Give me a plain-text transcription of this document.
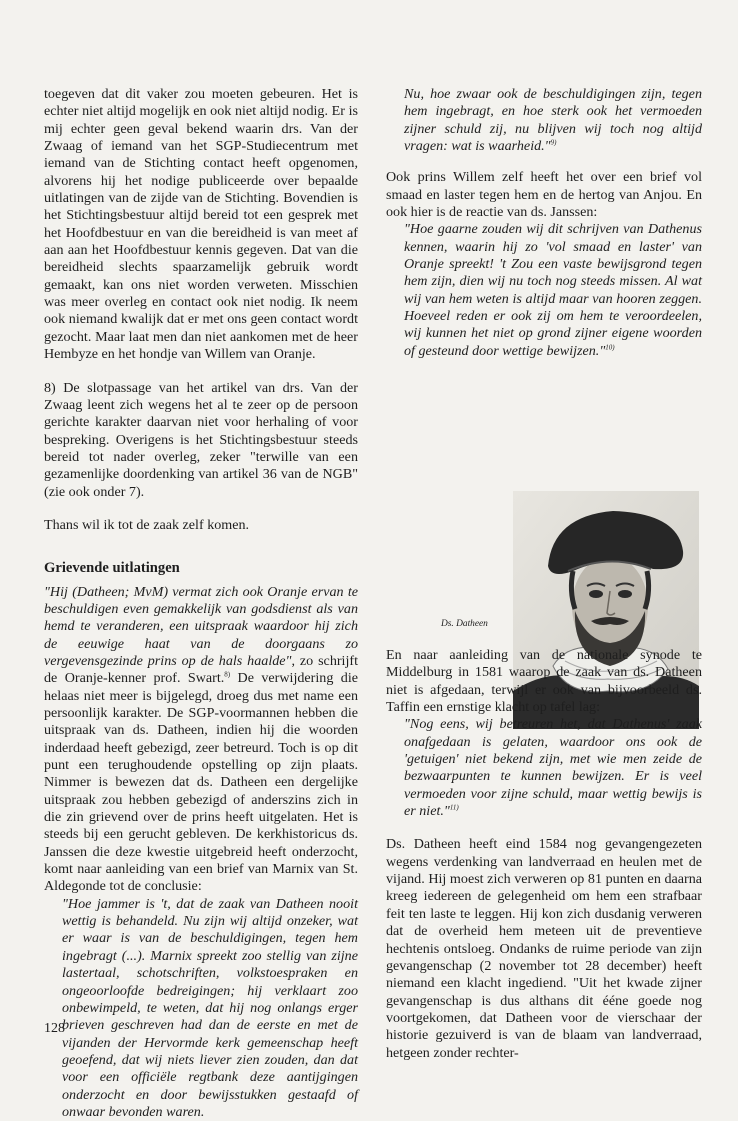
toegeven dat dit vaker zou moeten gebeuren. Het is echter niet altijd mogelijk en ook niet altijd nodig. Er is mij echter geen geval bekend waarin drs. Van der Zwaag of iemand van het SGP-Studiecentrum met iemand van de Stichting contact heeft opgenomen, alvorens hij het nodige publiceerde over bepaalde uitlatingen van de zijde van de Stichting. Bovendien is het Stichtingsbestuur altijd bereid tot een gesprek met het Hoofdbestuur en van die bereidheid is van meet af aan aan het Hoofdbestuur kennis gegeven. Dat van die bereidheid slechts spaarzamelijk gebruik wordt gemaakt, kan ons niet worden verweten. Misschien was meer overleg en contact ook niet nodig. Ik neem ook niemand kwalijk dat er met ons geen contact wordt gezocht. Maar laat men dan niet aankomen met de heer Hembyze en het hondje van Willem van Oranje.

8) De slotpassage van het artikel van drs. Van der Zwaag leent zich wegens het al te zeer op de persoon gerichte karakter daarvan niet voor herhaling of voor bespreking. Overigens is het Stichtingsbestuur steeds bereid tot nader overleg, zeker "terwille van een gezamenlijke doordenking van artikel 36 van de NGB" (zie ook onder 7).

Thans wil ik tot de zaak zelf komen.

Grievende uitlatingen

"Hij (Datheen; MvM) vermat zich ook Oranje ervan te beschuldigen even gemakkelijk van godsdienst als van hemd te veranderen, een uitspraak waardoor hij zich de eeuwige haat van de doorgaans zo vergevensgezinde prins op de hals haalde", zo schrijft de Oranje-kenner prof. Swart.$^{8)}$ De verwijdering die helaas niet meer is bijgelegd, droeg dus met name een persoonlijk karakter. De SGP-voormannen hebben die uitspraak van ds. Datheen, indien hij die woorden inderdaad heeft gebezigd, zeer betreurd. Toch is op dit punt een terughoudende opstelling op zijn plaats. Nimmer is bewezen dat ds. Datheen een dergelijke uitspraak zou hebben gebezigd of anderszins zich in die zin grievend over de prins heeft uitgelaten. Het is steeds bij een gerucht gebleven. De kerkhistoricus ds. Janssen die deze kwestie uitgebreid heeft onderzocht, komt naar aanleiding van een brief van Marnix van St. Aldegonde tot de conclusie:

"Hoe jammer is 't, dat de zaak van Datheen nooit wettig is behandeld. Nu zijn wij altijd onzeker, wat er waar is van de beschuldigingen, tegen hem ingebragt (...). Marnix spreekt zoo stellig van zijne lastertaal, schotschriften, volkstoespraken en ongeoorloofde bedreigingen; hij verklaart zoo onbewimpeld, te weten, dat hij nog onlangs erger brieven geschreven had dan de eerste en met de vijanden der Hervormde kerk gemeenschap heeft geoefend, dat wij niets liever zien zouden, dan dat voor een officiële regtbank deze aantijgingen onderzocht en door bewijsstukken gestaafd of onwaar bevonden waren.

Nu, hoe zwaar ook de beschuldigingen zijn, tegen hem ingebragt, en hoe sterk ook het vermoeden zijner schuld zij, nu blijven wij toch nog altijd vragen: wat is waarheid."$^{9)}$

Ook prins Willem zelf heeft het over een brief vol smaad en laster tegen hem en de hertog van Anjou. En ook hier is de reactie van ds. Janssen:

"Hoe gaarne zouden wij dit schrijven van Dathenus kennen, waarin hij zo 'vol smaad en laster' van Oranje spreekt! 't Zou een vaste bewijsgrond tegen hem zijn, dien wij nu toch nog steeds missen. Al wat wij van hem weten is altijd maar van hooren zeggen. Hoeveel reden er ook zij om hem te veroordeelen, wij kunnen het niet op grond zijner eigene woorden of gesteund door wettige bewijzen."$^{10)}$

Ds. Datheen

En naar aanleiding van de nationale synode te Middelburg in 1581 waarop de zaak van ds. Datheen niet is afgedaan, terwijl er ook van bijvoorbeeld ds. Taffin een ernstige klacht op tafel lag:

"Nog eens, wij betreuren het, dat Dathenus' zaak onafgedaan is gelaten, waardoor ons ook de 'getuigen' niet bekend zijn, met wie men zeide de bezwaarpunten te kunnen bewijzen. Er is veel vermoeden voor zijne schuld, maar wettig bewijs is er niet."$^{11)}$

Ds. Datheen heeft eind 1584 nog gevangengezeten wegens verdenking van landverraad en heulen met de vijand. Hij moest zich verweren op 81 punten en daarna kreeg iedereen de gelegenheid om hem een strafbaar feit ten laste te leggen. Hij kon zich dusdanig verweren dat de overheid hem meteen uit de preventieve hechtenis ontsloeg. Ondanks de ruime periode van zijn gevangenschap (2 november tot 28 december) heeft niemand een klacht ingediend. "Uit het kwade zijner gevangenschap is dus althans dit ééne goede nog voortgekomen, dat Datheen voor de vierschaar der historie gezuiverd is van de blaam van landverraad, hetgeen zonder rechter-

128
